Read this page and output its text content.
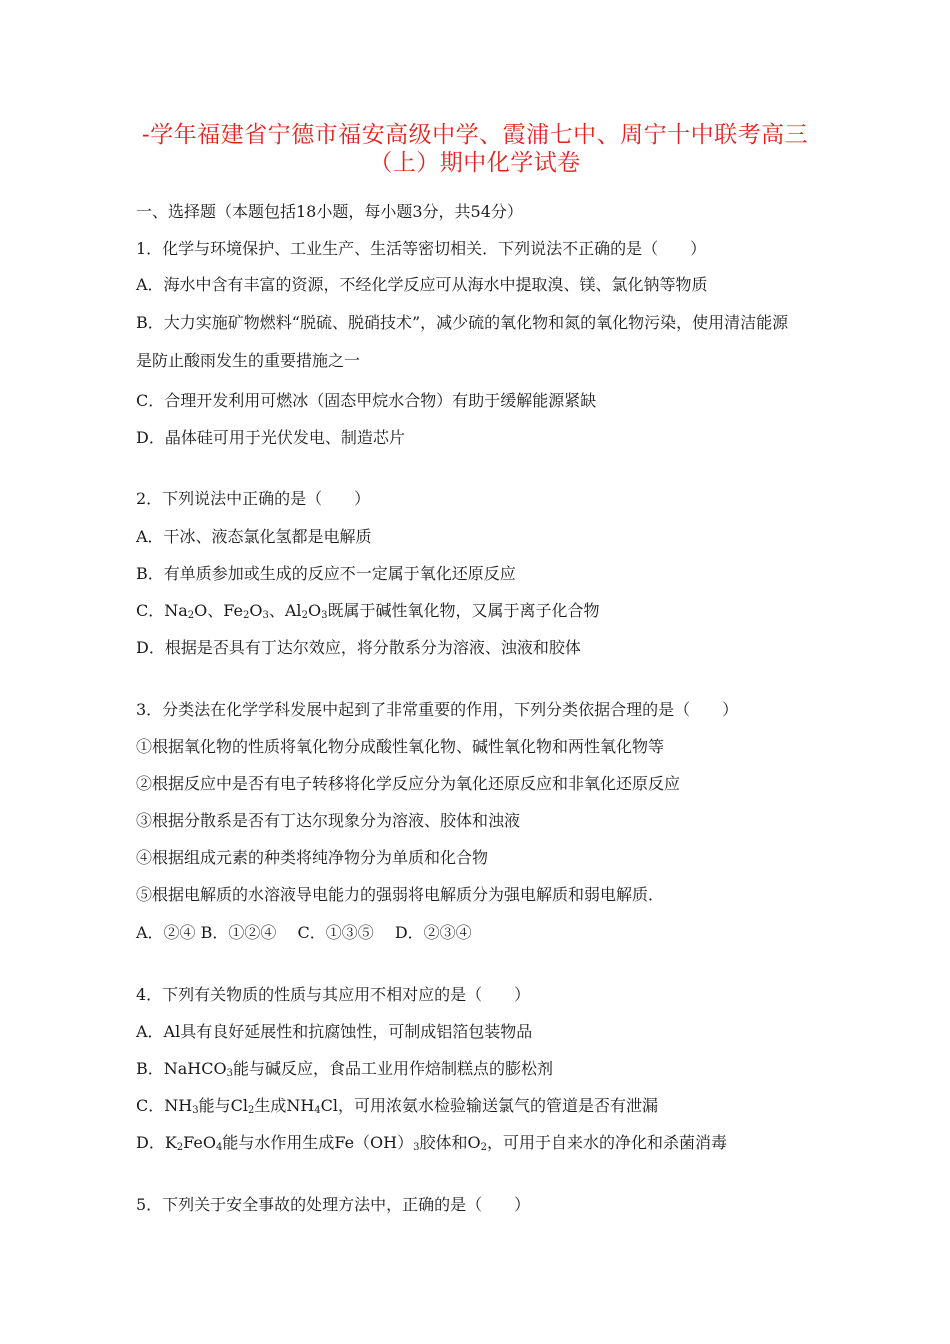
-学年福建省宁德市福安高级中学、霞浦七中、周宁十中联考高三
（上）期中化学试卷

一、选择题（本题包括18小题，每小题3分，共54分）

1．化学与环境保护、工业生产、生活等密切相关．下列说法不正确的是（　　）

A．海水中含有丰富的资源，不经化学反应可从海水中提取溴、镁、氯化钠等物质

B．大力实施矿物燃料“脱硫、脱硝技术”，减少硫的氧化物和氮的氧化物污染，使用清洁能源

是防止酸雨发生的重要措施之一

C．合理开发利用可燃冰（固态甲烷水合物）有助于缓解能源紧缺

D．晶体硅可用于光伏发电、制造芯片

2．下列说法中正确的是（　　）

A．干冰、液态氯化氢都是电解质

B．有单质参加或生成的反应不一定属于氧化还原反应

C．$Na_2O$、$Fe_2O_3$、$Al_2O_3$既属于碱性氧化物，又属于离子化合物

D．根据是否具有丁达尔效应，将分散系分为溶液、浊液和胶体

3．分类法在化学学科发展中起到了非常重要的作用，下列分类依据合理的是（　　）

①根据氧化物的性质将氧化物分成酸性氧化物、碱性氧化物和两性氧化物等

②根据反应中是否有电子转移将化学反应分为氧化还原反应和非氧化还原反应

③根据分散系是否有丁达尔现象分为溶液、胶体和浊液

④根据组成元素的种类将纯净物分为单质和化合物

⑤根据电解质的水溶液导电能力的强弱将电解质分为强电解质和弱电解质．

A．②④ B．①②④　 C．①③⑤　 D．②③④

4．下列有关物质的性质与其应用不相对应的是（　　）

A．Al具有良好延展性和抗腐蚀性，可制成铝箔包装物品

B．NaHCO$_3$能与碱反应，食品工业用作焙制糕点的膨松剂

C．$NH_3$能与$Cl_2$生成$NH_4Cl$，可用浓氨水检验输送氯气的管道是否有泄漏

D．$K_2FeO_4$能与水作用生成$Fe(OH)_3$胶体和$O_2$，可用于自来水的净化和杀菌消毒

5．下列关于安全事故的处理方法中，正确的是（　　）
